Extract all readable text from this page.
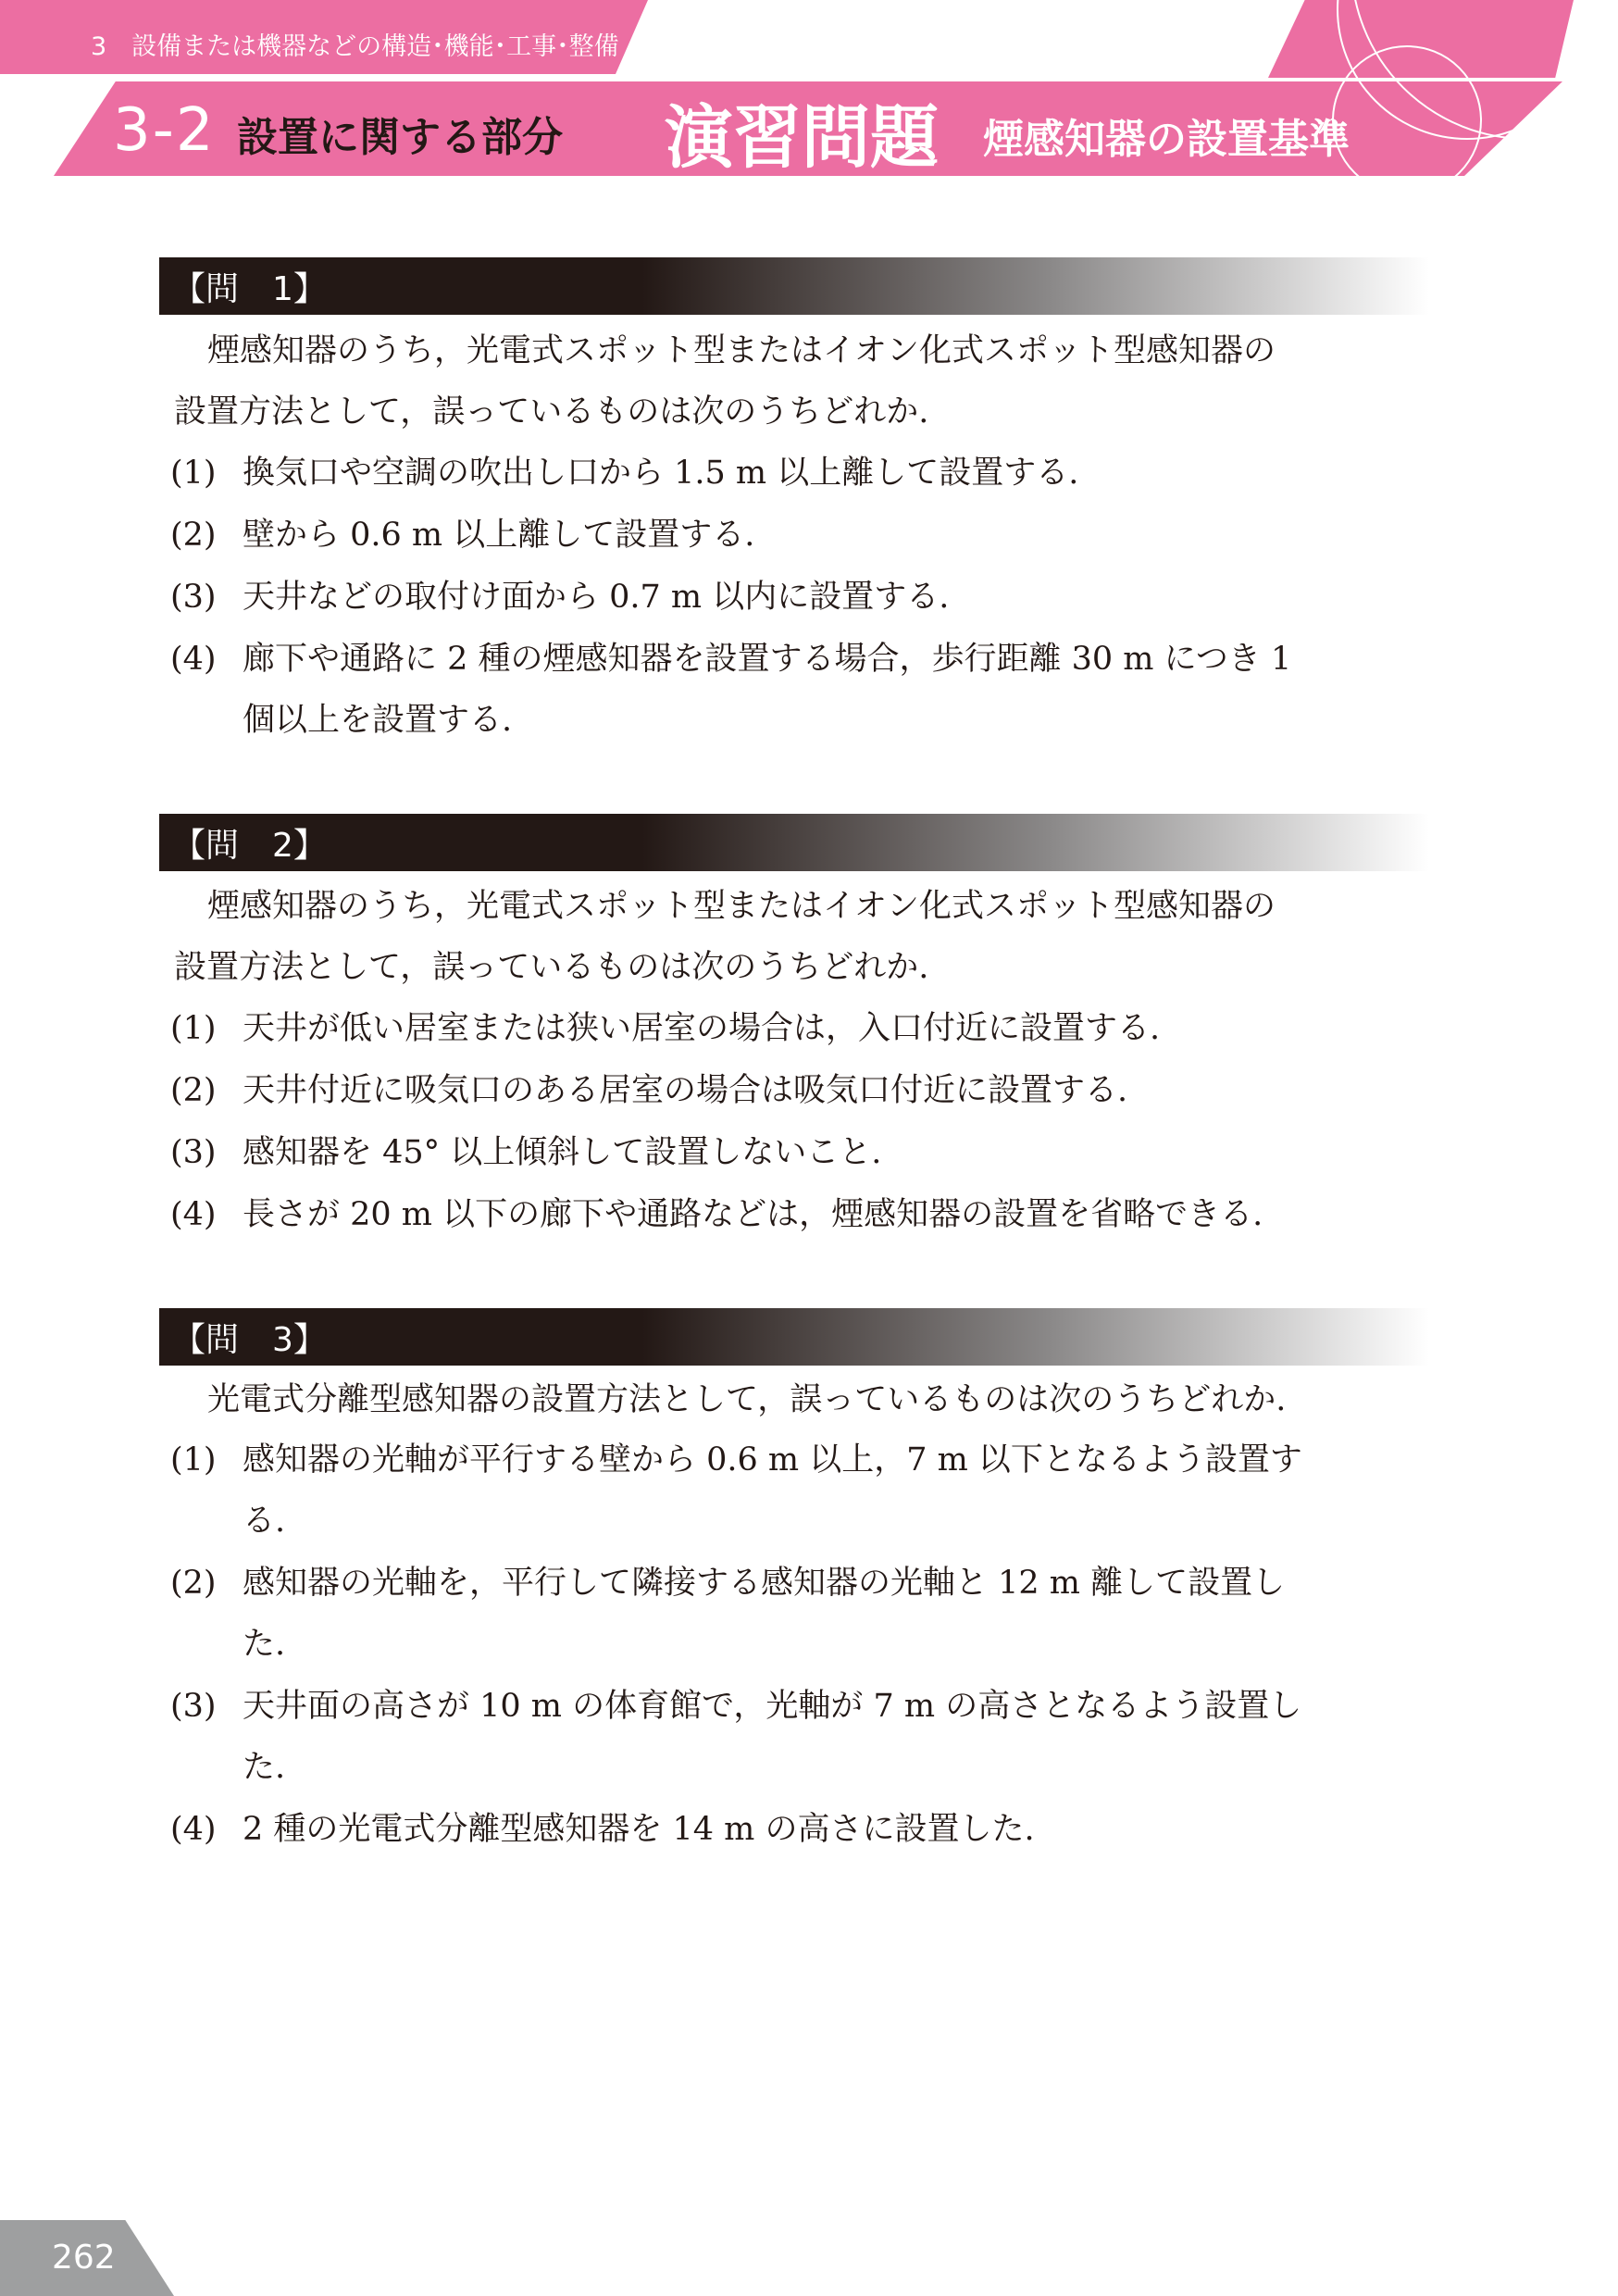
3　設備または機器などの構造･機能･工事･整備
3-2 設置に関する部分 演習問題 煙感知器の設置基準
【問　1】
煙感知器のうち，光電式スポット型またはイオン化式スポット型感知器の
設置方法として，誤っているものは次のうちどれか.
(1) 換気口や空調の吹出し口から 1.5 m 以上離して設置する.
(2) 壁から 0.6 m 以上離して設置する.
(3) 天井などの取付け面から 0.7 m 以内に設置する.
(4) 廊下や通路に 2 種の煙感知器を設置する場合，歩行距離 30 m につき 1
個以上を設置する.
【問　2】
煙感知器のうち，光電式スポット型またはイオン化式スポット型感知器の
設置方法として，誤っているものは次のうちどれか.
(1) 天井が低い居室または狭い居室の場合は，入口付近に設置する.
(2) 天井付近に吸気口のある居室の場合は吸気口付近に設置する.
(3) 感知器を 45° 以上傾斜して設置しないこと.
(4) 長さが 20 m 以下の廊下や通路などは，煙感知器の設置を省略できる.
【問　3】
光電式分離型感知器の設置方法として，誤っているものは次のうちどれか.
(1) 感知器の光軸が平行する壁から 0.6 m 以上，7 m 以下となるよう設置す
る.
(2) 感知器の光軸を，平行して隣接する感知器の光軸と 12 m 離して設置し
た.
(3) 天井面の高さが 10 m の体育館で，光軸が 7 m の高さとなるよう設置し
た.
(4) 2 種の光電式分離型感知器を 14 m の高さに設置した.
262
